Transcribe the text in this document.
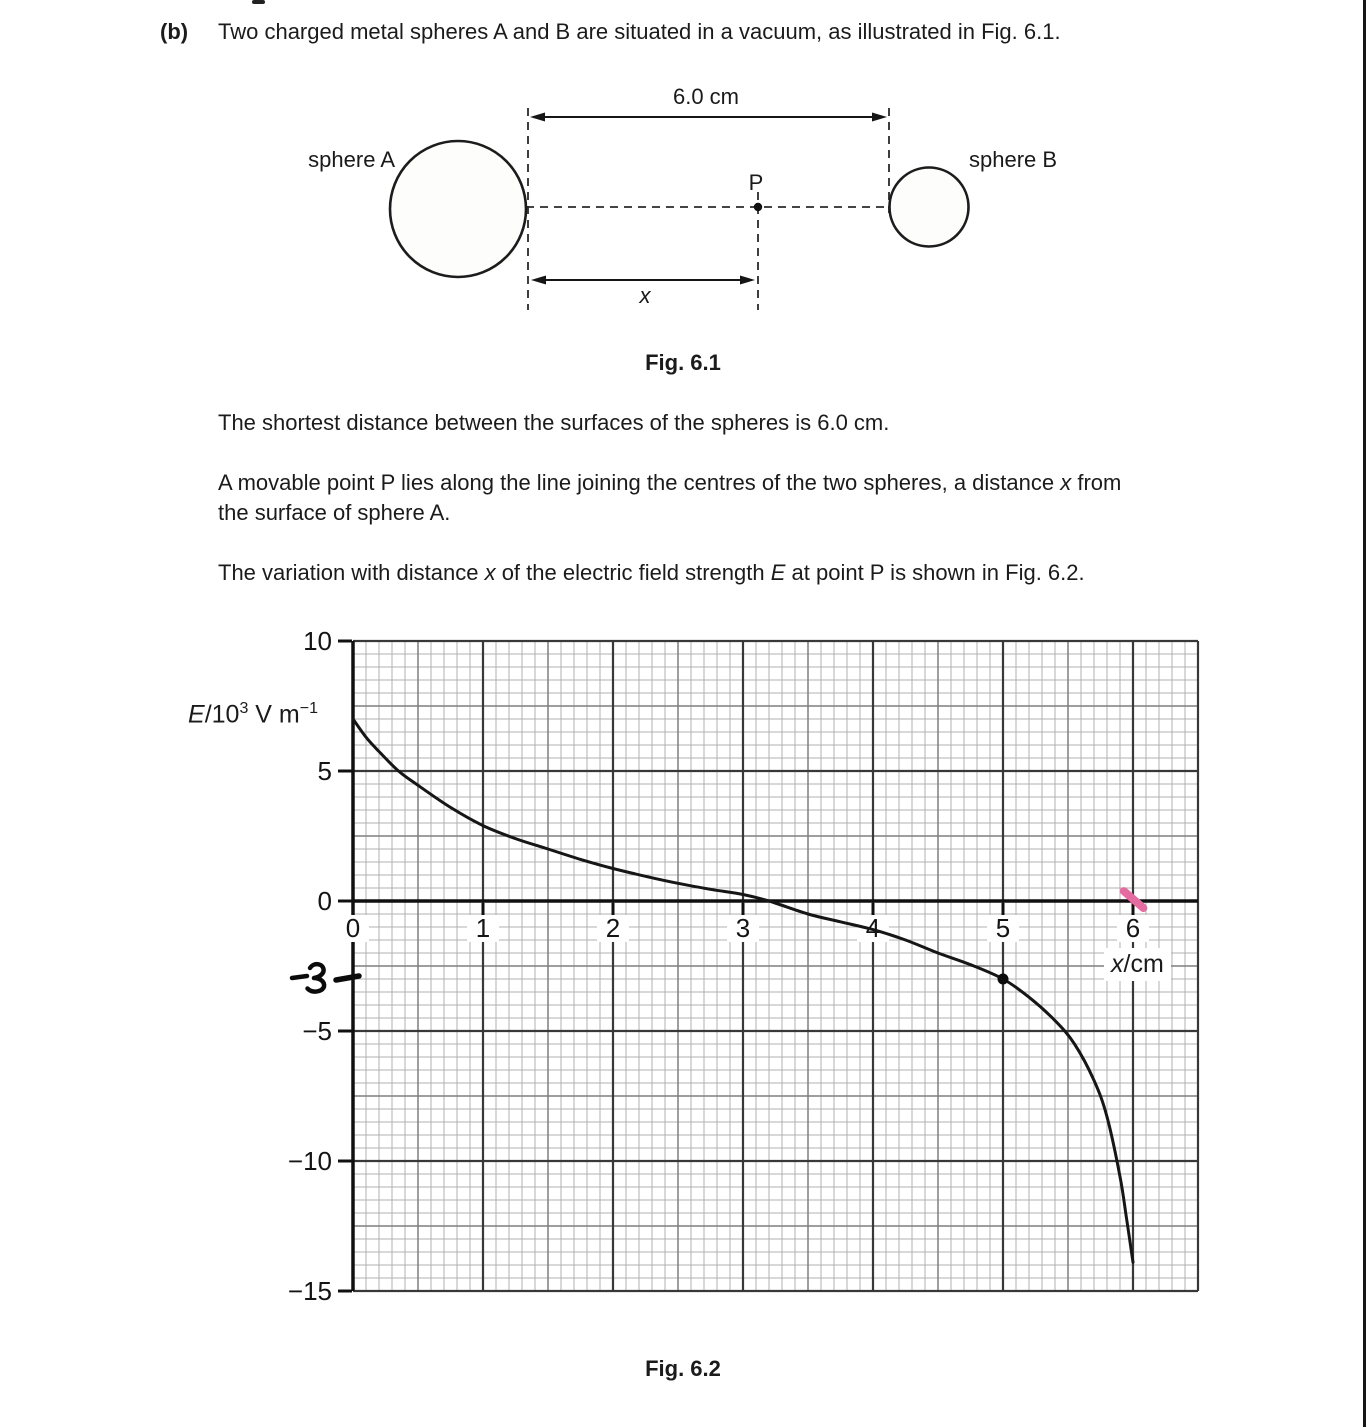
(b) Two charged metal spheres A and B are situated in a vacuum, as illustrated in Fig. 6.1.
sphere A	sphere B
6.0 cm
P
x
Fig. 6.1
The shortest distance between the surfaces of the spheres is 6.0 cm.
A movable point P lies along the line joining the centres of the two spheres, a distance x from
the surface of sphere A.
The variation with distance x of the electric field strength E at point P is shown in Fig. 6.2.
10
5
0
−5
−10
−15
0	1	2	3	4	5	6
$E/10^3$ V $m^{-1}$
x/cm
Fig. 6.2
